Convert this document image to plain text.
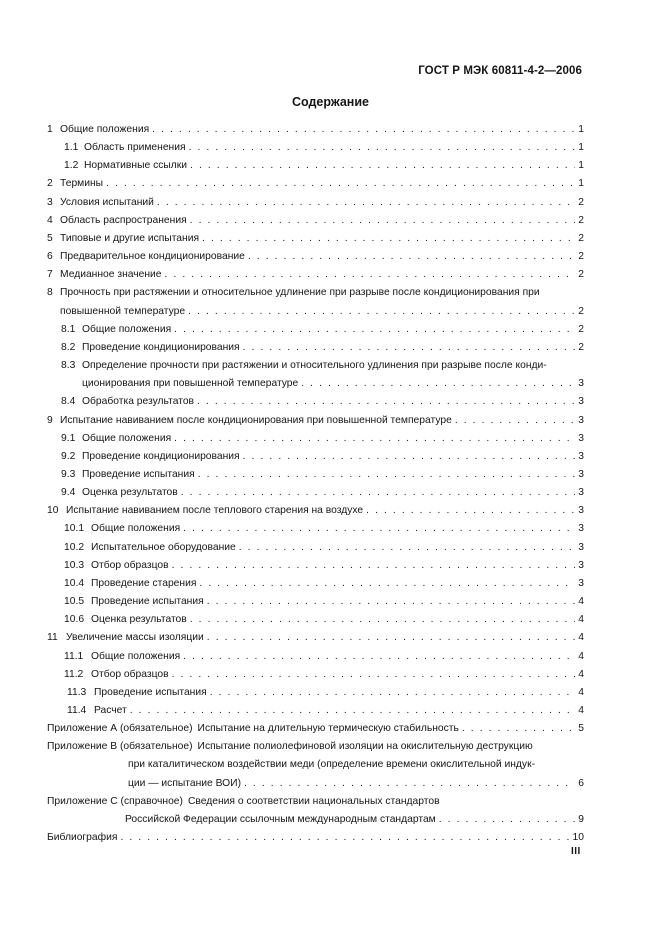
ГОСТ Р МЭК 60811-4-2—2006
Содержание
1 Общие положения . . .	1
1.1 Область применения . . .	1
1.2 Нормативные ссылки . . .	1
2 Термины . . .	1
3 Условия испытаний . . .	2
4 Область распространения . . .	2
5 Типовые и другие испытания . . .	2
6 Предварительное кондиционирование . . .	2
7 Медианное значение . . .	2
8 Прочность при растяжении и относительное удлинение при разрыве после кондиционирования при
повышенной температуре . . .	2
8.1 Общие положения . . .	2
8.2 Проведение кондиционирования . . .	2
8.3 Определение прочности при растяжении и относительного удлинения при разрыве после конди-
ционирования при повышенной температуре . . .	3
8.4 Обработка результатов . . .	3
9 Испытание навиванием после кондиционирования при повышенной температуре . . .	3
9.1 Общие положения . . .	3
9.2 Проведение кондиционирования . . .	3
9.3 Проведение испытания . . .	3
9.4 Оценка результатов . . .	3
10 Испытание навиванием после теплового старения на воздухе . . .	3
10.1 Общие положения . . .	3
10.2 Испытательное оборудование . . .	3
10.3 Отбор образцов . . .	3
10.4 Проведение старения . . .	3
10.5 Проведение испытания . . .	4
10.6 Оценка результатов . . .	4
11 Увеличение массы изоляции . . .	4
11.1 Общие положения . . .	4
11.2 Отбор образцов . . .	4
11.3 Проведение испытания . . .	4
11.4 Расчет . . .	4
Приложение А (обязательное) Испытание на длительную термическую стабильность . . .	5
Приложение В (обязательное) Испытание полиолефиновой изоляции на окислительную деструкцию
при каталитическом воздействии меди (определение времени окислительной индук-
ции — испытание ВОИ) . . .	6
Приложение С (справочное) Сведения о соответствии национальных стандартов
Российской Федерации ссылочным международным стандартам . . .	9
Библиография . . .	10
III
